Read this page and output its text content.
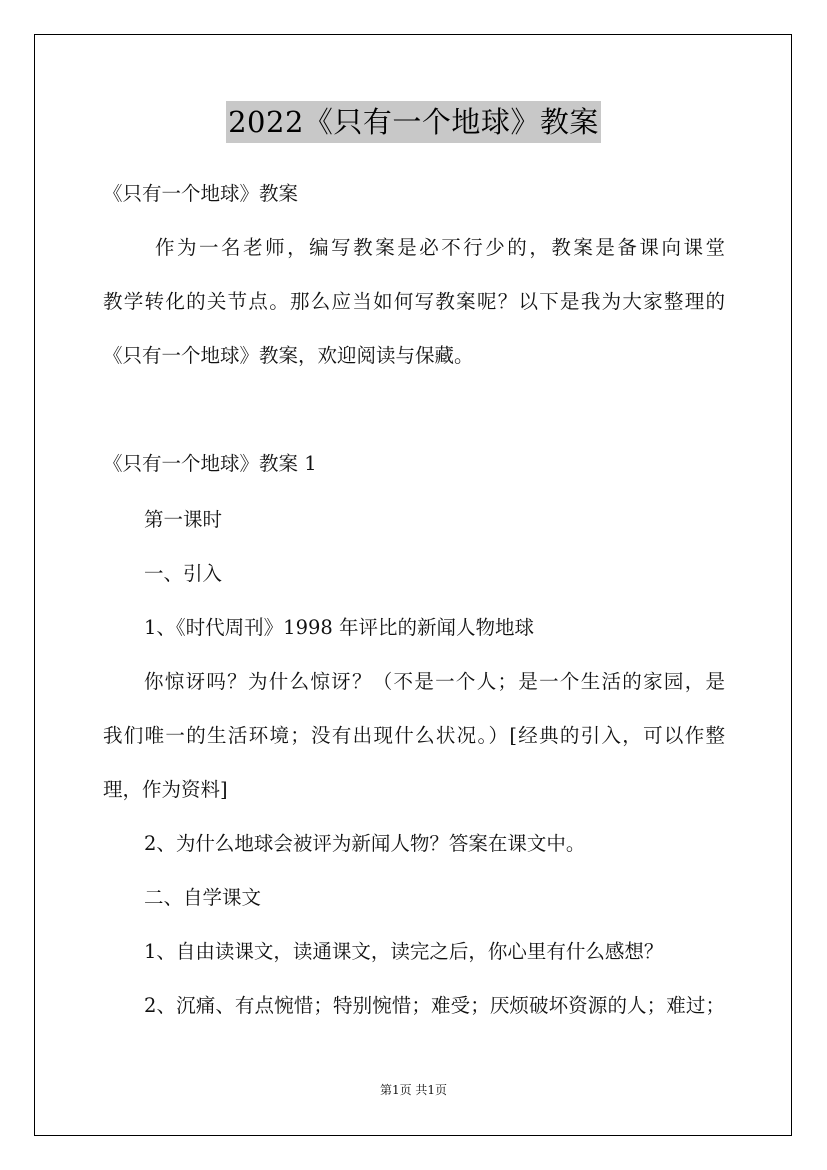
2022《只有一个地球》教案
《只有一个地球》教案
作为一名老师，编写教案是必不行少的，教案是备课向课堂
教学转化的关节点。那么应当如何写教案呢？以下是我为大家整理的
《只有一个地球》教案，欢迎阅读与保藏。
《只有一个地球》教案 1
第一课时
一、引入
1、《时代周刊》1998 年评比的新闻人物地球
你惊讶吗？为什么惊讶？（不是一个人；是一个生活的家园，是
我们唯一的生活环境；没有出现什么状况。）[经典的引入，可以作整
理，作为资料]
2、为什么地球会被评为新闻人物？答案在课文中。
二、自学课文
1、自由读课文，读通课文，读完之后，你心里有什么感想？
2、沉痛、有点惋惜；特别惋惜；难受；厌烦破坏资源的人；难过；
第1页 共1页
